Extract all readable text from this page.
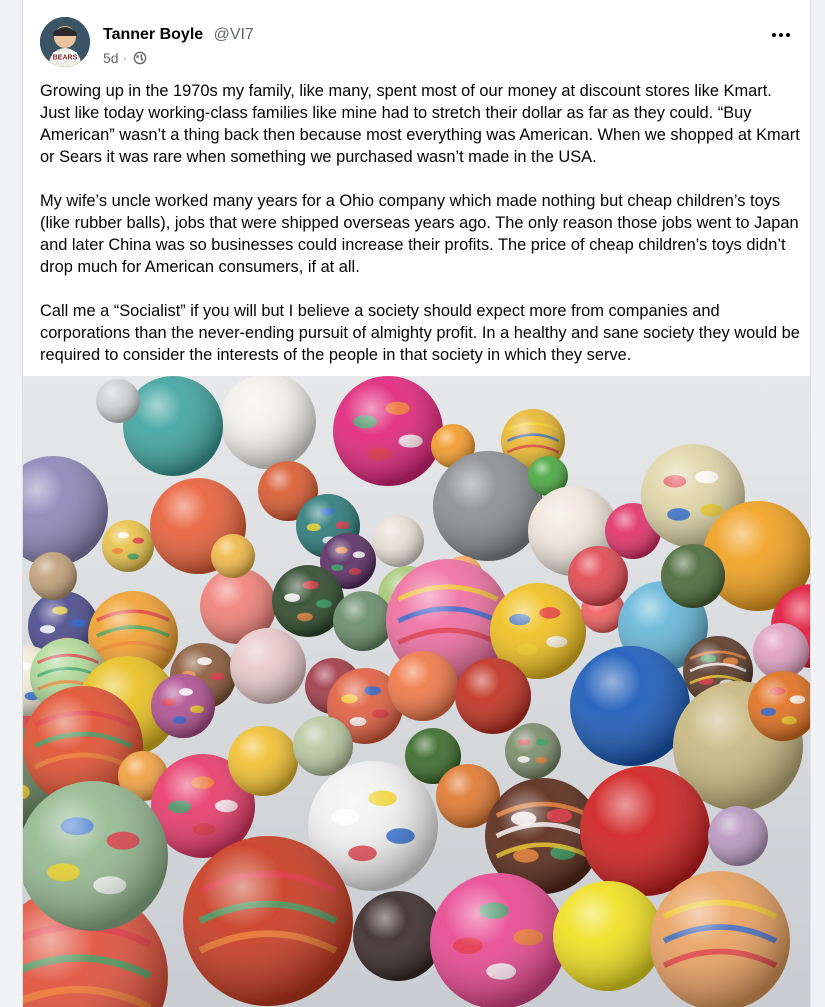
BEARS
Tanner Boyle @VI7
5d ·

Growing up in the 1970s my family, like many, spent most of our money at discount stores like Kmart. Just like today working-class families like mine had to stretch their dollar as far as they could. “Buy American” wasn’t a thing back then because most everything was American. When we shopped at Kmart or Sears it was rare when something we purchased wasn’t made in the USA.

My wife’s uncle worked many years for a Ohio company which made nothing but cheap children’s toys (like rubber balls), jobs that were shipped overseas years ago. The only reason those jobs went to Japan and later China was so businesses could increase their profits. The price of cheap children’s toys didn’t drop much for American consumers, if at all.

Call me a “Socialist” if you will but I believe a society should expect more from companies and corporations than the never-ending pursuit of almighty profit. In a healthy and sane society they would be required to consider the interests of the people in that society in which they serve.
